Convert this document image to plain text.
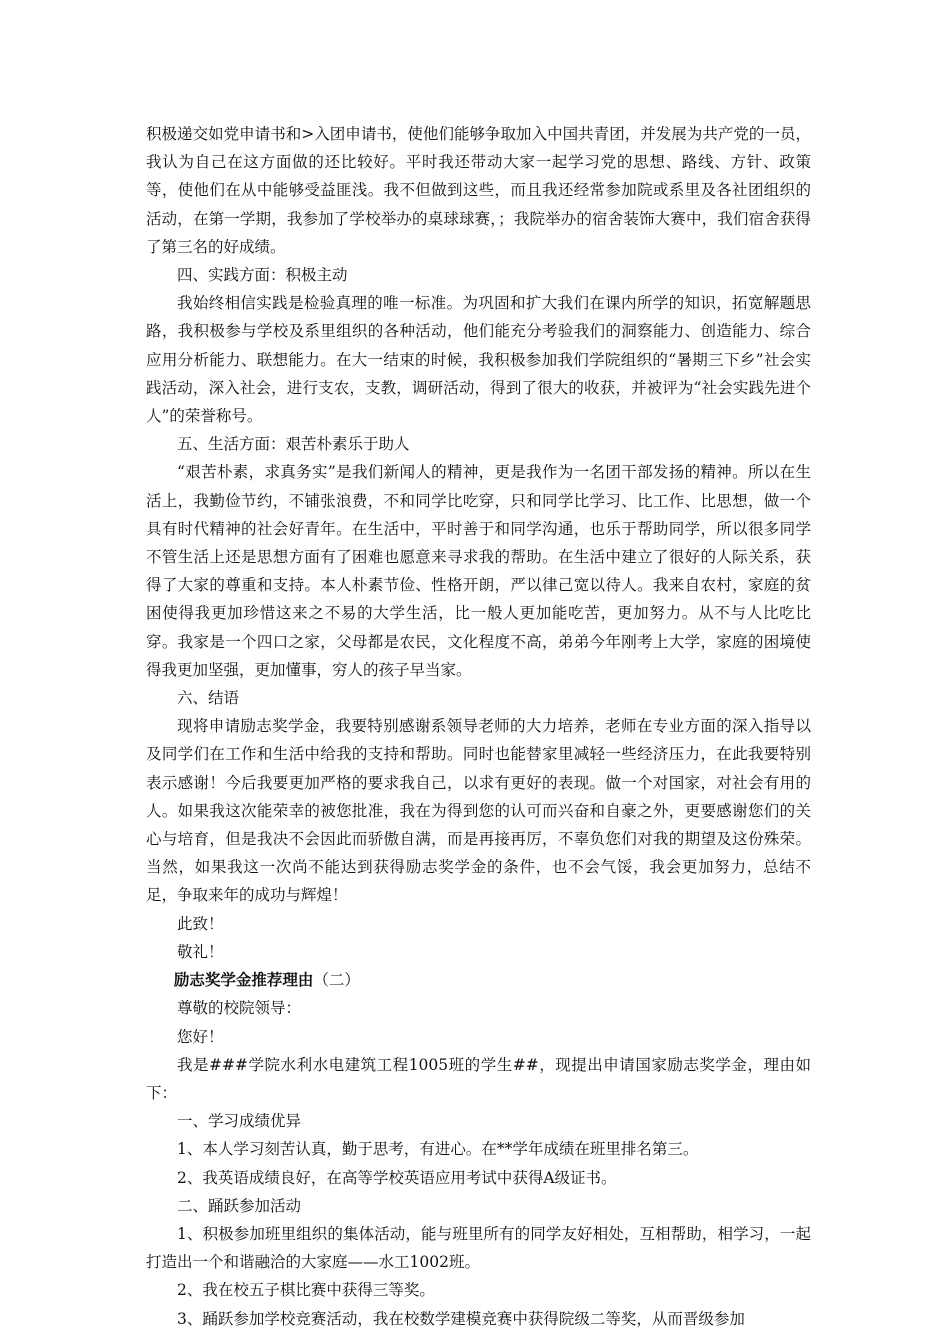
积极递交如党申请书和>入团申请书，使他们能够争取加入中国共青团，并发展为共产党的一员，我认为自己在这方面做的还比较好。平时我还带动大家一起学习党的思想、路线、方针、政策等，使他们在从中能够受益匪浅。我不但做到这些，而且我还经常参加院或系里及各社团组织的活动，在第一学期，我参加了学校举办的桌球球赛，；我院举办的宿舍装饰大赛中，我们宿舍获得了第三名的好成绩。

四、实践方面：积极主动

我始终相信实践是检验真理的唯一标准。为巩固和扩大我们在课内所学的知识，拓宽解题思路，我积极参与学校及系里组织的各种活动，他们能充分考验我们的洞察能力、创造能力、综合应用分析能力、联想能力。在大一结束的时候，我积极参加我们学院组织的“暑期三下乡”社会实践活动，深入社会，进行支农，支教，调研活动，得到了很大的收获，并被评为“社会实践先进个人”的荣誉称号。

五、生活方面：艰苦朴素乐于助人

“艰苦朴素，求真务实”是我们新闻人的精神，更是我作为一名团干部发扬的精神。所以在生活上，我勤俭节约，不铺张浪费，不和同学比吃穿，只和同学比学习、比工作、比思想，做一个具有时代精神的社会好青年。在生活中，平时善于和同学沟通，也乐于帮助同学，所以很多同学不管生活上还是思想方面有了困难也愿意来寻求我的帮助。在生活中建立了很好的人际关系，获得了大家的尊重和支持。本人朴素节俭、性格开朗，严以律己宽以待人。我来自农村，家庭的贫困使得我更加珍惜这来之不易的大学生活，比一般人更加能吃苦，更加努力。从不与人比吃比穿。我家是一个四口之家，父母都是农民，文化程度不高，弟弟今年刚考上大学，家庭的困境使得我更加坚强，更加懂事，穷人的孩子早当家。

六、结语

现将申请励志奖学金，我要特别感谢系领导老师的大力培养，老师在专业方面的深入指导以及同学们在工作和生活中给我的支持和帮助。同时也能替家里减轻一些经济压力，在此我要特别表示感谢！今后我要更加严格的要求我自己，以求有更好的表现。做一个对国家，对社会有用的人。如果我这次能荣幸的被您批准，我在为得到您的认可而兴奋和自豪之外，更要感谢您们的关心与培育，但是我决不会因此而骄傲自满，而是再接再厉，不辜负您们对我的期望及这份殊荣。当然，如果我这一次尚不能达到获得励志奖学金的条件，也不会气馁，我会更加努力，总结不足，争取来年的成功与辉煌！

此致！

敬礼！

励志奖学金推荐理由（二）

尊敬的校院领导：

您好！

我是###学院水利水电建筑工程1005班的学生##，现提出申请国家励志奖学金，理由如下：

一、学习成绩优异

1、本人学习刻苦认真，勤于思考，有进心。在**学年成绩在班里排名第三。

2、我英语成绩良好，在高等学校英语应用考试中获得A级证书。

二、踊跃参加活动

1、积极参加班里组织的集体活动，能与班里所有的同学友好相处，互相帮助，相学习，一起打造出一个和谐融洽的大家庭——水工1002班。

2、我在校五子棋比赛中获得三等奖。

3、踊跃参加学校竞赛活动，我在校数学建模竞赛中获得院级二等奖，从而晋级参加
